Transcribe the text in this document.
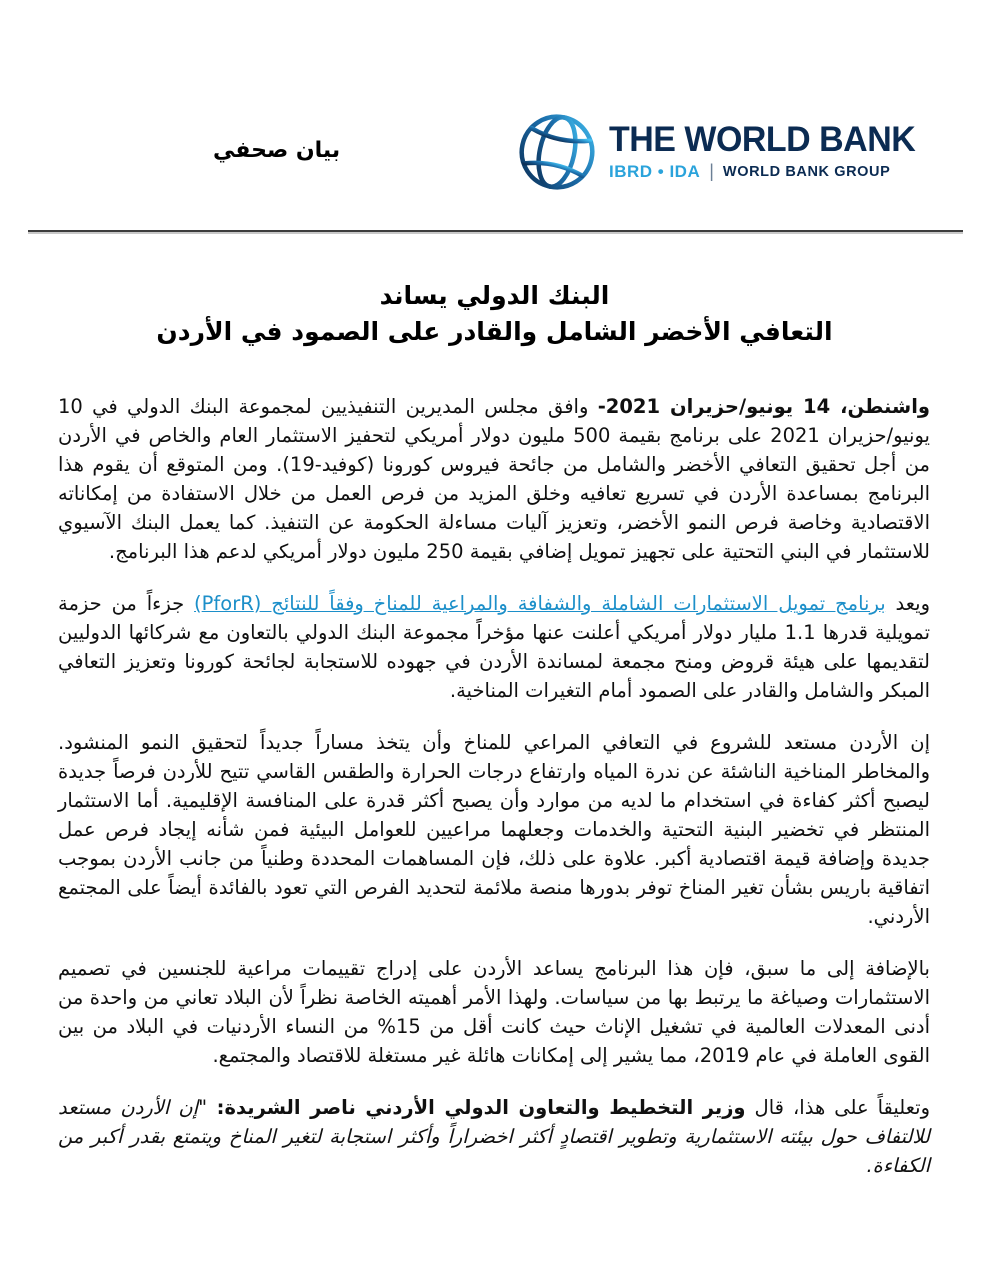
بيان صحفي	THE WORLD BANK
IBRD • IDA | WORLD BANK GROUP
البنك الدولي يساند
التعافي الأخضر الشامل والقادر على الصمود في الأردن

واشنطن، 14 يونيو/حزيران 2021- وافق مجلس المديرين التنفيذيين لمجموعة البنك الدولي في 10 يونيو/حزيران 2021 على برنامج بقيمة 500 مليون دولار أمريكي لتحفيز الاستثمار العام والخاص في الأردن من أجل تحقيق التعافي الأخضر والشامل من جائحة فيروس كورونا (كوفيد-19). ومن المتوقع أن يقوم هذا البرنامج بمساعدة الأردن في تسريع تعافيه وخلق المزيد من فرص العمل من خلال الاستفادة من إمكاناته الاقتصادية وخاصة فرص النمو الأخضر، وتعزيز آليات مساءلة الحكومة عن التنفيذ. كما يعمل البنك الآسيوي للاستثمار في البني التحتية على تجهيز تمويل إضافي بقيمة 250 مليون دولار أمريكي لدعم هذا البرنامج.

ويعد برنامج تمويل الاستثمارات الشاملة والشفافة والمراعية للمناخ وفقاً للنتائج (PforR) جزءاً من حزمة تمويلية قدرها 1.1 مليار دولار أمريكي أعلنت عنها مؤخراً مجموعة البنك الدولي بالتعاون مع شركائها الدوليين لتقديمها على هيئة قروض ومنح مجمعة لمساندة الأردن في جهوده للاستجابة لجائحة كورونا وتعزيز التعافي المبكر والشامل والقادر على الصمود أمام التغيرات المناخية.

إن الأردن مستعد للشروع في التعافي المراعي للمناخ وأن يتخذ مساراً جديداً لتحقيق النمو المنشود. والمخاطر المناخية الناشئة عن ندرة المياه وارتفاع درجات الحرارة والطقس القاسي تتيح للأردن فرصاً جديدة ليصبح أكثر كفاءة في استخدام ما لديه من موارد وأن يصبح أكثر قدرة على المنافسة الإقليمية. أما الاستثمار المنتظر في تخضير البنية التحتية والخدمات وجعلهما مراعيين للعوامل البيئية فمن شأنه إيجاد فرص عمل جديدة وإضافة قيمة اقتصادية أكبر. علاوة على ذلك، فإن المساهمات المحددة وطنياً من جانب الأردن بموجب اتفاقية باريس بشأن تغير المناخ توفر بدورها منصة ملائمة لتحديد الفرص التي تعود بالفائدة أيضاً على المجتمع الأردني.

بالإضافة إلى ما سبق، فإن هذا البرنامج يساعد الأردن على إدراج تقييمات مراعية للجنسين في تصميم الاستثمارات وصياغة ما يرتبط بها من سياسات. ولهذا الأمر أهميته الخاصة نظراً لأن البلاد تعاني من واحدة من أدنى المعدلات العالمية في تشغيل الإناث حيث كانت أقل من 15% من النساء الأردنيات في البلاد من بين القوى العاملة في عام 2019، مما يشير إلى إمكانات هائلة غير مستغلة للاقتصاد والمجتمع.

وتعليقاً على هذا، قال وزير التخطيط والتعاون الدولي الأردني ناصر الشريدة: "إن الأردن مستعد للالتفاف حول بيئته الاستثمارية وتطوير اقتصادٍ أكثر اخضراراً وأكثر استجابة لتغير المناخ ويتمتع بقدر أكبر من الكفاءة.
